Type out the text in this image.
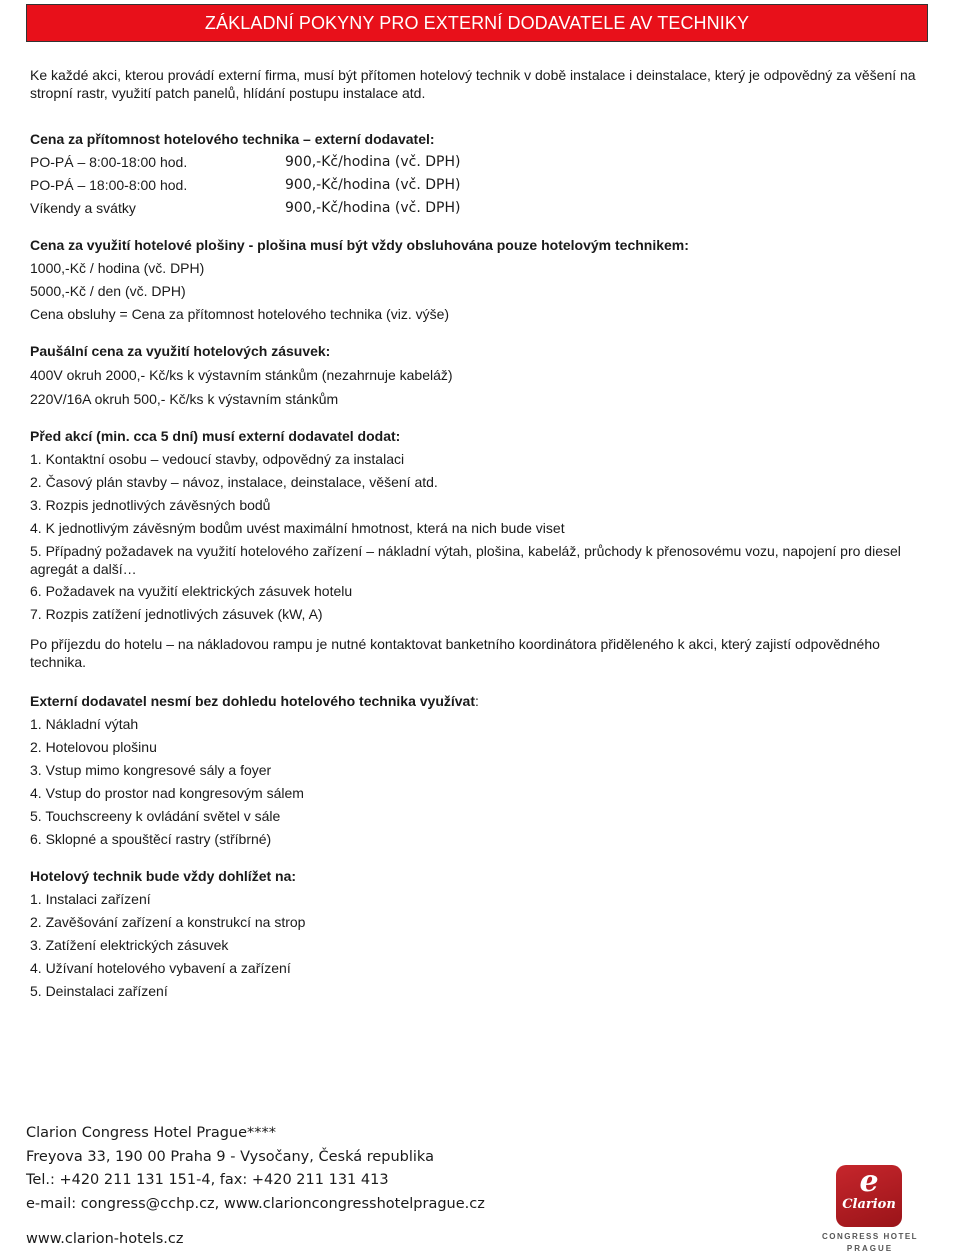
ZÁKLADNÍ POKYNY PRO EXTERNÍ DODAVATELE AV TECHNIKY

Ke každé akci, kterou provádí externí firma, musí být přítomen hotelový technik v době instalace i deinstalace, který je odpovědný za věšení na stropní rastr, využití patch panelů, hlídání postupu instalace atd.

Cena za přítomnost hotelového technika – externí dodavatel:
PO-PÁ – 8:00-18:00 hod.	900,-Kč/hodina (vč. DPH)
PO-PÁ – 18:00-8:00 hod.	900,-Kč/hodina (vč. DPH)
Víkendy a svátky	900,-Kč/hodina (vč. DPH)
Cena za využití hotelové plošiny - plošina musí být vždy obsluhována pouze hotelovým technikem:
1000,-Kč / hodina (vč. DPH)
5000,-Kč / den (vč. DPH)
Cena obsluhy = Cena za přítomnost hotelového technika (viz. výše)
Paušální cena za využití hotelových zásuvek:
400V okruh 2000,- Kč/ks k výstavním stánkům (nezahrnuje kabeláž)
220V/16A okruh 500,- Kč/ks k výstavním stánkům
Před akcí (min. cca 5 dní) musí externí dodavatel dodat:
1. Kontaktní osobu – vedoucí stavby, odpovědný za instalaci
2. Časový plán stavby – návoz, instalace, deinstalace, věšení atd.
3. Rozpis jednotlivých závěsných bodů
4. K jednotlivým závěsným bodům uvést maximální hmotnost, která na nich bude viset

5. Případný požadavek na využití hotelového zařízení – nákladní výtah, plošina, kabeláž, průchody k přenosovému vozu, napojení pro diesel agregát a další…

6. Požadavek na využití elektrických zásuvek hotelu
7. Rozpis zatížení jednotlivých zásuvek (kW, A)

Po příjezdu do hotelu – na nákladovou rampu je nutné kontaktovat banketního koordinátora přiděleného k akci, který zajistí odpovědného technika.

Externí dodavatel nesmí bez dohledu hotelového technika využívat:
1. Nákladní výtah
2. Hotelovou plošinu
3. Vstup mimo kongresové sály a foyer
4. Vstup do prostor nad kongresovým sálem
5. Touchscreeny k ovládání světel v sále
6. Sklopné a spouštěcí rastry (stříbrné)
Hotelový technik bude vždy dohlížet na:
1. Instalaci zařízení
2. Zavěšování zařízení a konstrukcí na strop
3. Zatížení elektrických zásuvek
4. Užívaní hotelového vybavení a zařízení
5. Deinstalaci zařízení
Clarion Congress Hotel Prague****
Freyova 33, 190 00 Praha 9 - Vysočany, Česká republika
Tel.: +420 211 131 151-4, fax: +420 211 131 413
e-mail: congress@cchp.cz, www.clarioncongresshotelprague.cz
www.clarion-hotels.cz
e
Clarion
CONGRESS HOTEL
PRAGUE
